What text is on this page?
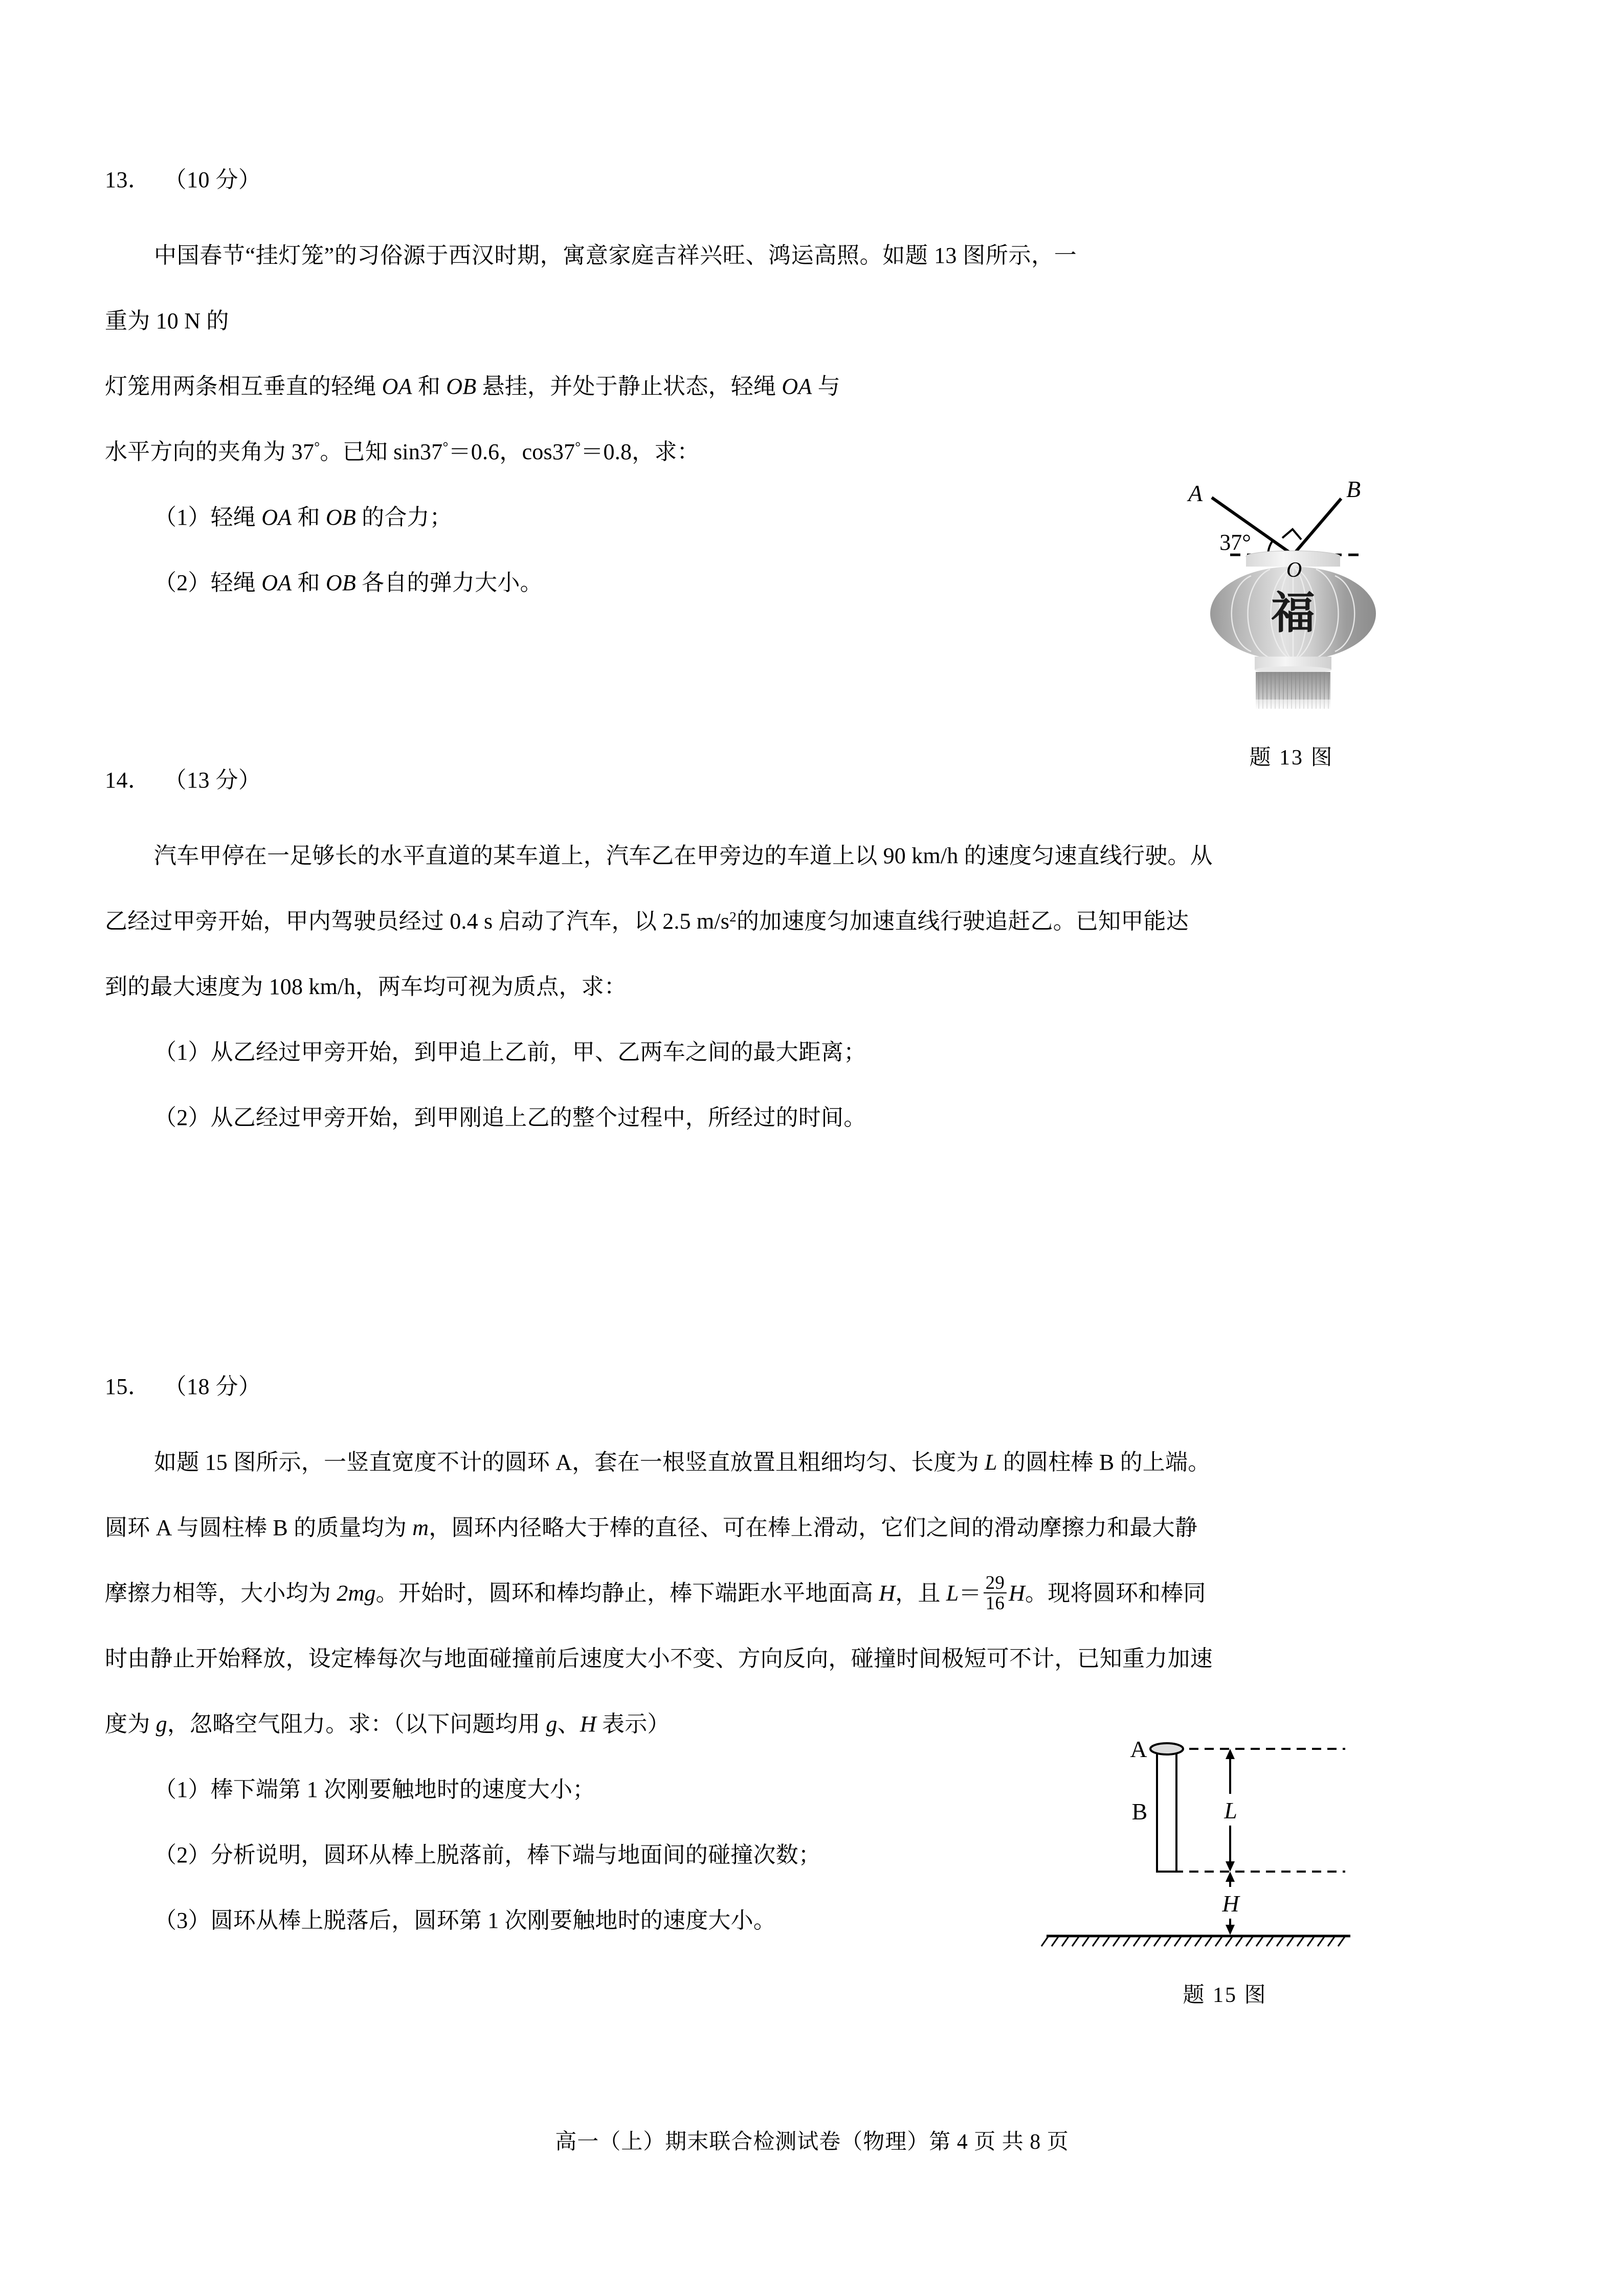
13． （10 分）
中国春节“挂灯笼”的习俗源于西汉时期，寓意家庭吉祥兴旺、鸿运高照。如题 13 图所示，一重为 10 N 的
灯笼用两条相互垂直的轻绳 OA 和 OB 悬挂，并处于静止状态，轻绳 OA 与
水平方向的夹角为 37°。已知 sin37°＝0.6，cos37°＝0.8，求：
（1）轻绳 OA 和 OB 的合力；
（2）轻绳 OA 和 OB 各自的弹力大小。
福
A	B
O
37°
题 13 图
14． （13 分）
汽车甲停在一足够长的水平直道的某车道上，汽车乙在甲旁边的车道上以 90 km/h 的速度匀速直线行驶。从
乙经过甲旁开始，甲内驾驶员经过 0.4 s 启动了汽车，以 2.5 $m/s^2$的加速度匀加速直线行驶追赶乙。已知甲能达
到的最大速度为 108 km/h，两车均可视为质点，求：
（1）从乙经过甲旁开始，到甲追上乙前，甲、乙两车之间的最大距离；
（2）从乙经过甲旁开始，到甲刚追上乙的整个过程中，所经过的时间。
15． （18 分）
如题 15 图所示，一竖直宽度不计的圆环 A，套在一根竖直放置且粗细均匀、长度为 L 的圆柱棒 B 的上端。
圆环 A 与圆柱棒 B 的质量均为 m，圆环内径略大于棒的直径、可在棒上滑动，它们之间的滑动摩擦力和最大静
摩擦力相等，大小均为 2mg。开始时，圆环和棒均静止，棒下端距水平地面高 H，且 $L= \frac{29}{16}$ H。现将圆环和棒同
时由静止开始释放，设定棒每次与地面碰撞前后速度大小不变、方向反向，碰撞时间极短可不计，已知重力加速
度为 g，忽略空气阻力。求：（以下问题均用 g、H 表示）
（1）棒下端第 1 次刚要触地时的速度大小；
（2）分析说明，圆环从棒上脱落前，棒下端与地面间的碰撞次数；
（3）圆环从棒上脱落后，圆环第 1 次刚要触地时的速度大小。
L
H
A
B
题 15 图
高一（上）期末联合检测试卷（物理）第 4 页 共 8 页
